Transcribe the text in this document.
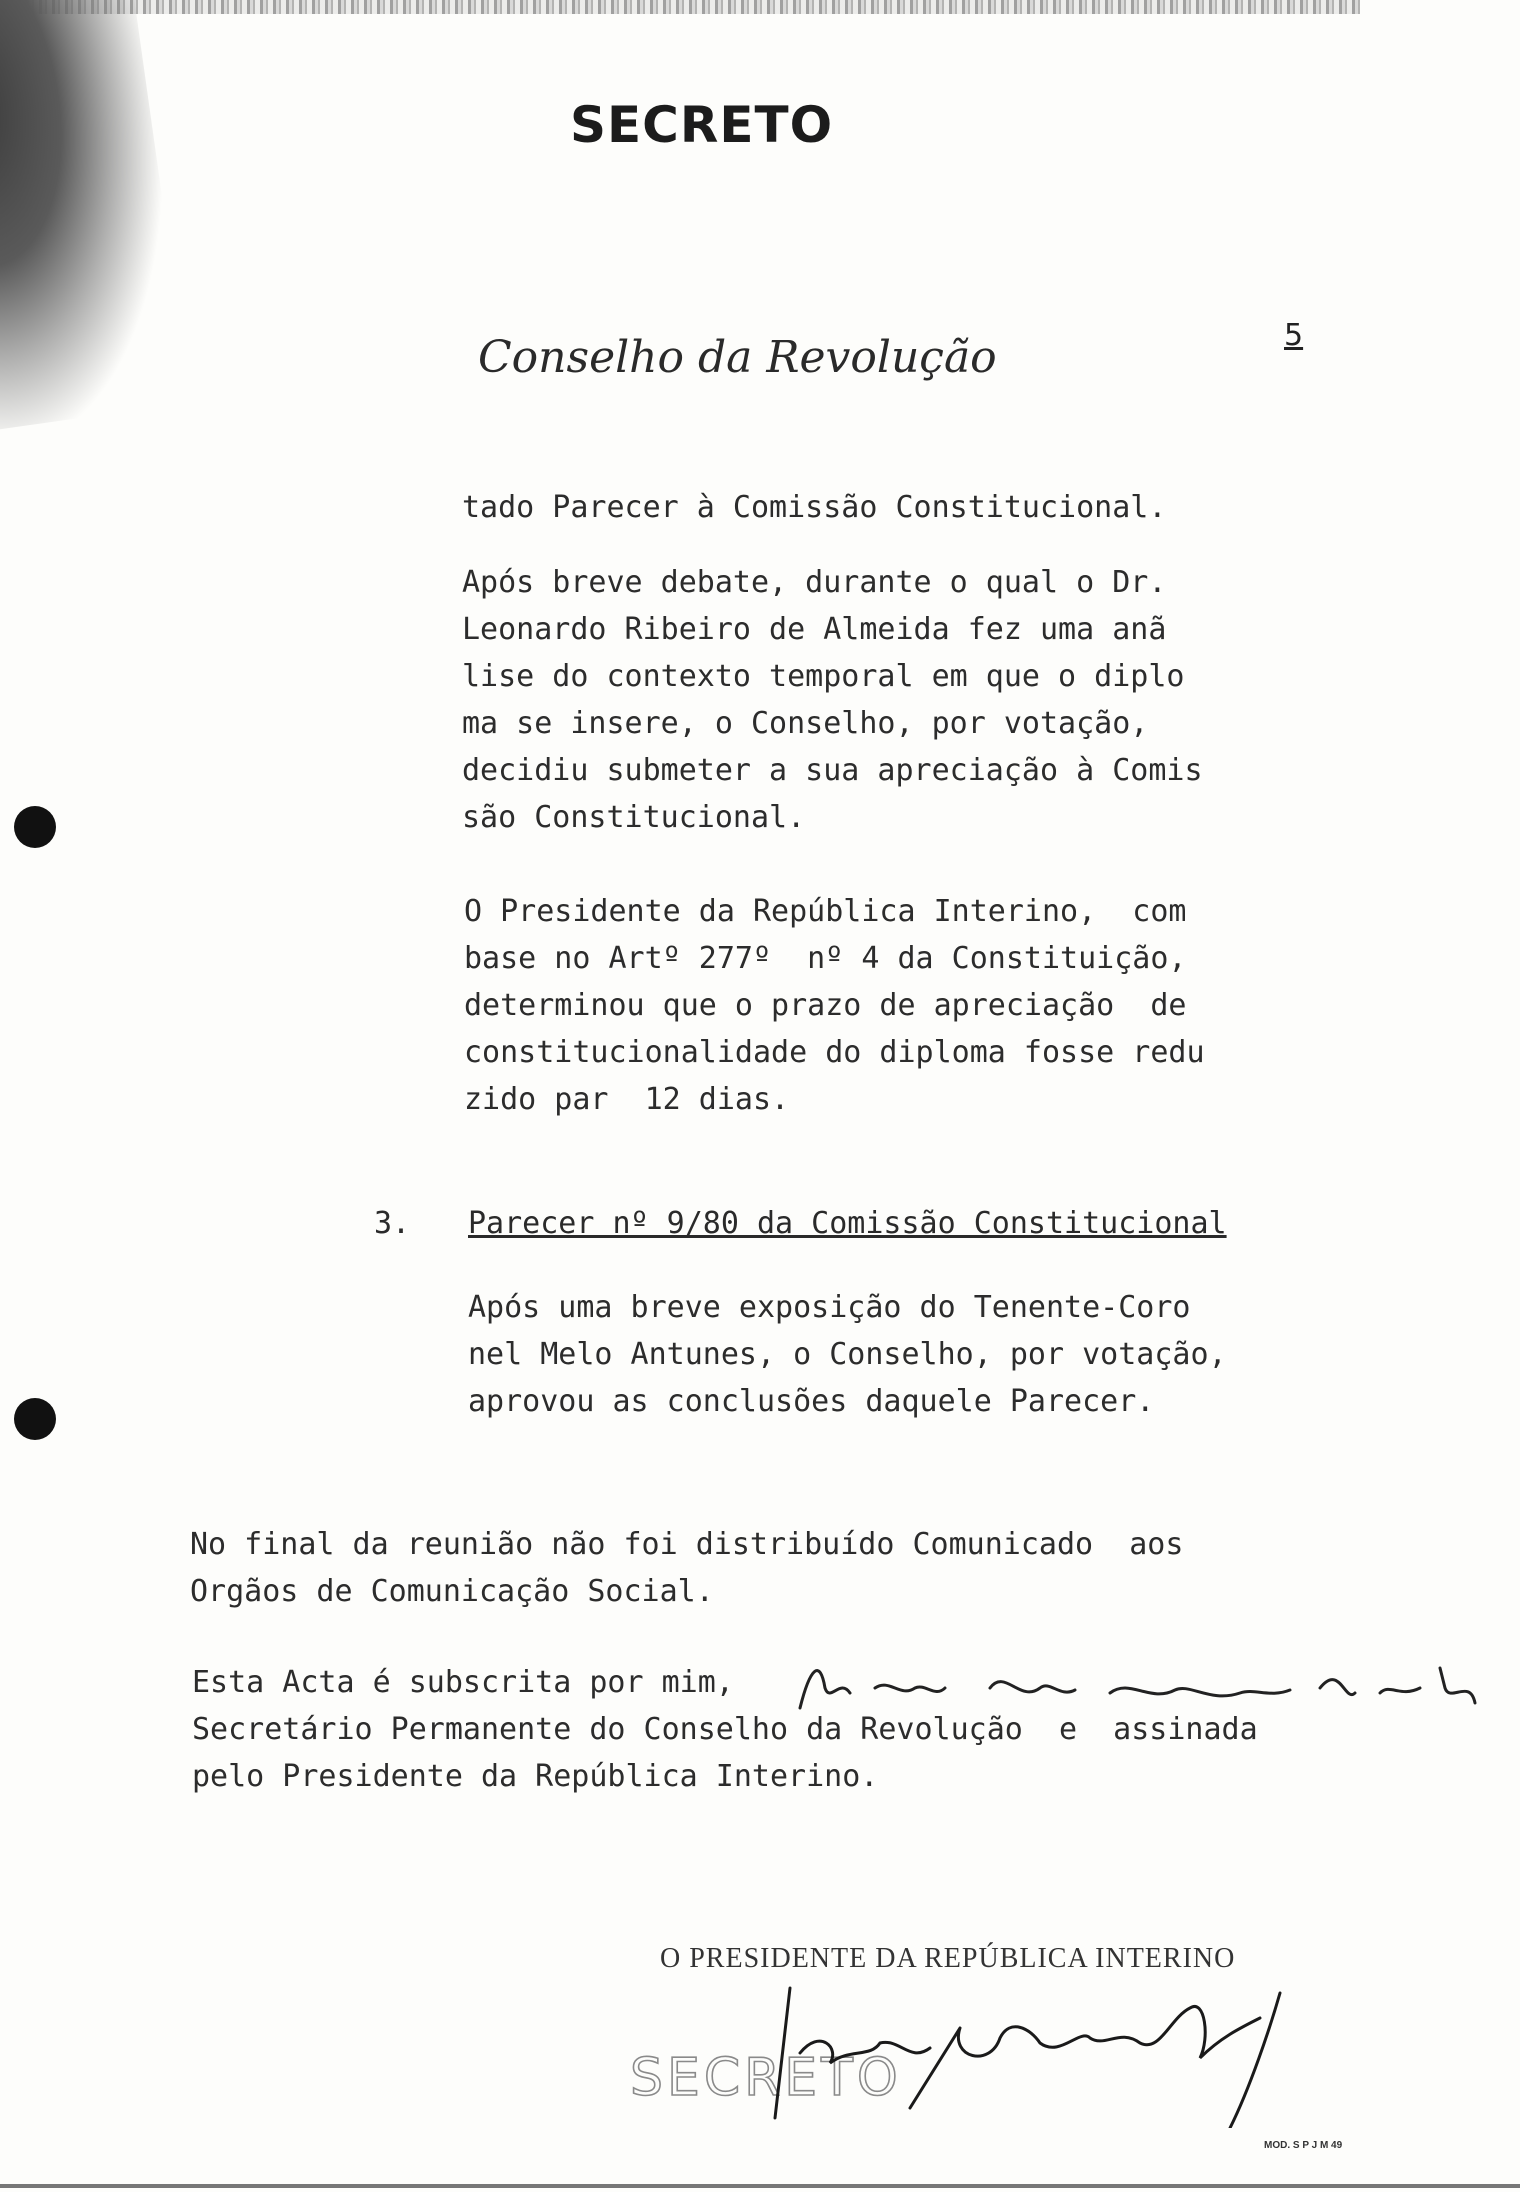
SECRETO
Conselho da Revolução	5
tado Parecer à Comissão Constitucional.
Após breve debate, durante o qual o Dr.
Leonardo Ribeiro de Almeida fez uma anã
lise do contexto temporal em que o diplo
ma se insere, o Conselho, por votação,
decidiu submeter a sua apreciação à Comis
são Constitucional.
O Presidente da República Interino,  com
base no Artº 277º  nº 4 da Constituição,
determinou que o prazo de apreciação  de
constitucionalidade do diploma fosse redu
zido par  12 dias.
3. Parecer nº 9/80 da Comissão Constitucional
Após uma breve exposição do Tenente-Coro
nel Melo Antunes, o Conselho, por votação,
aprovou as conclusões daquele Parecer.
No final da reunião não foi distribuído Comunicado  aos
Orgãos de Comunicação Social.
Esta Acta é subscrita por mim,
Secretário Permanente do Conselho da Revolução  e  assinada
pelo Presidente da República Interino.
O PRESIDENTE DA REPÚBLICA INTERINO
SECRETO
MOD. S P J M 49
